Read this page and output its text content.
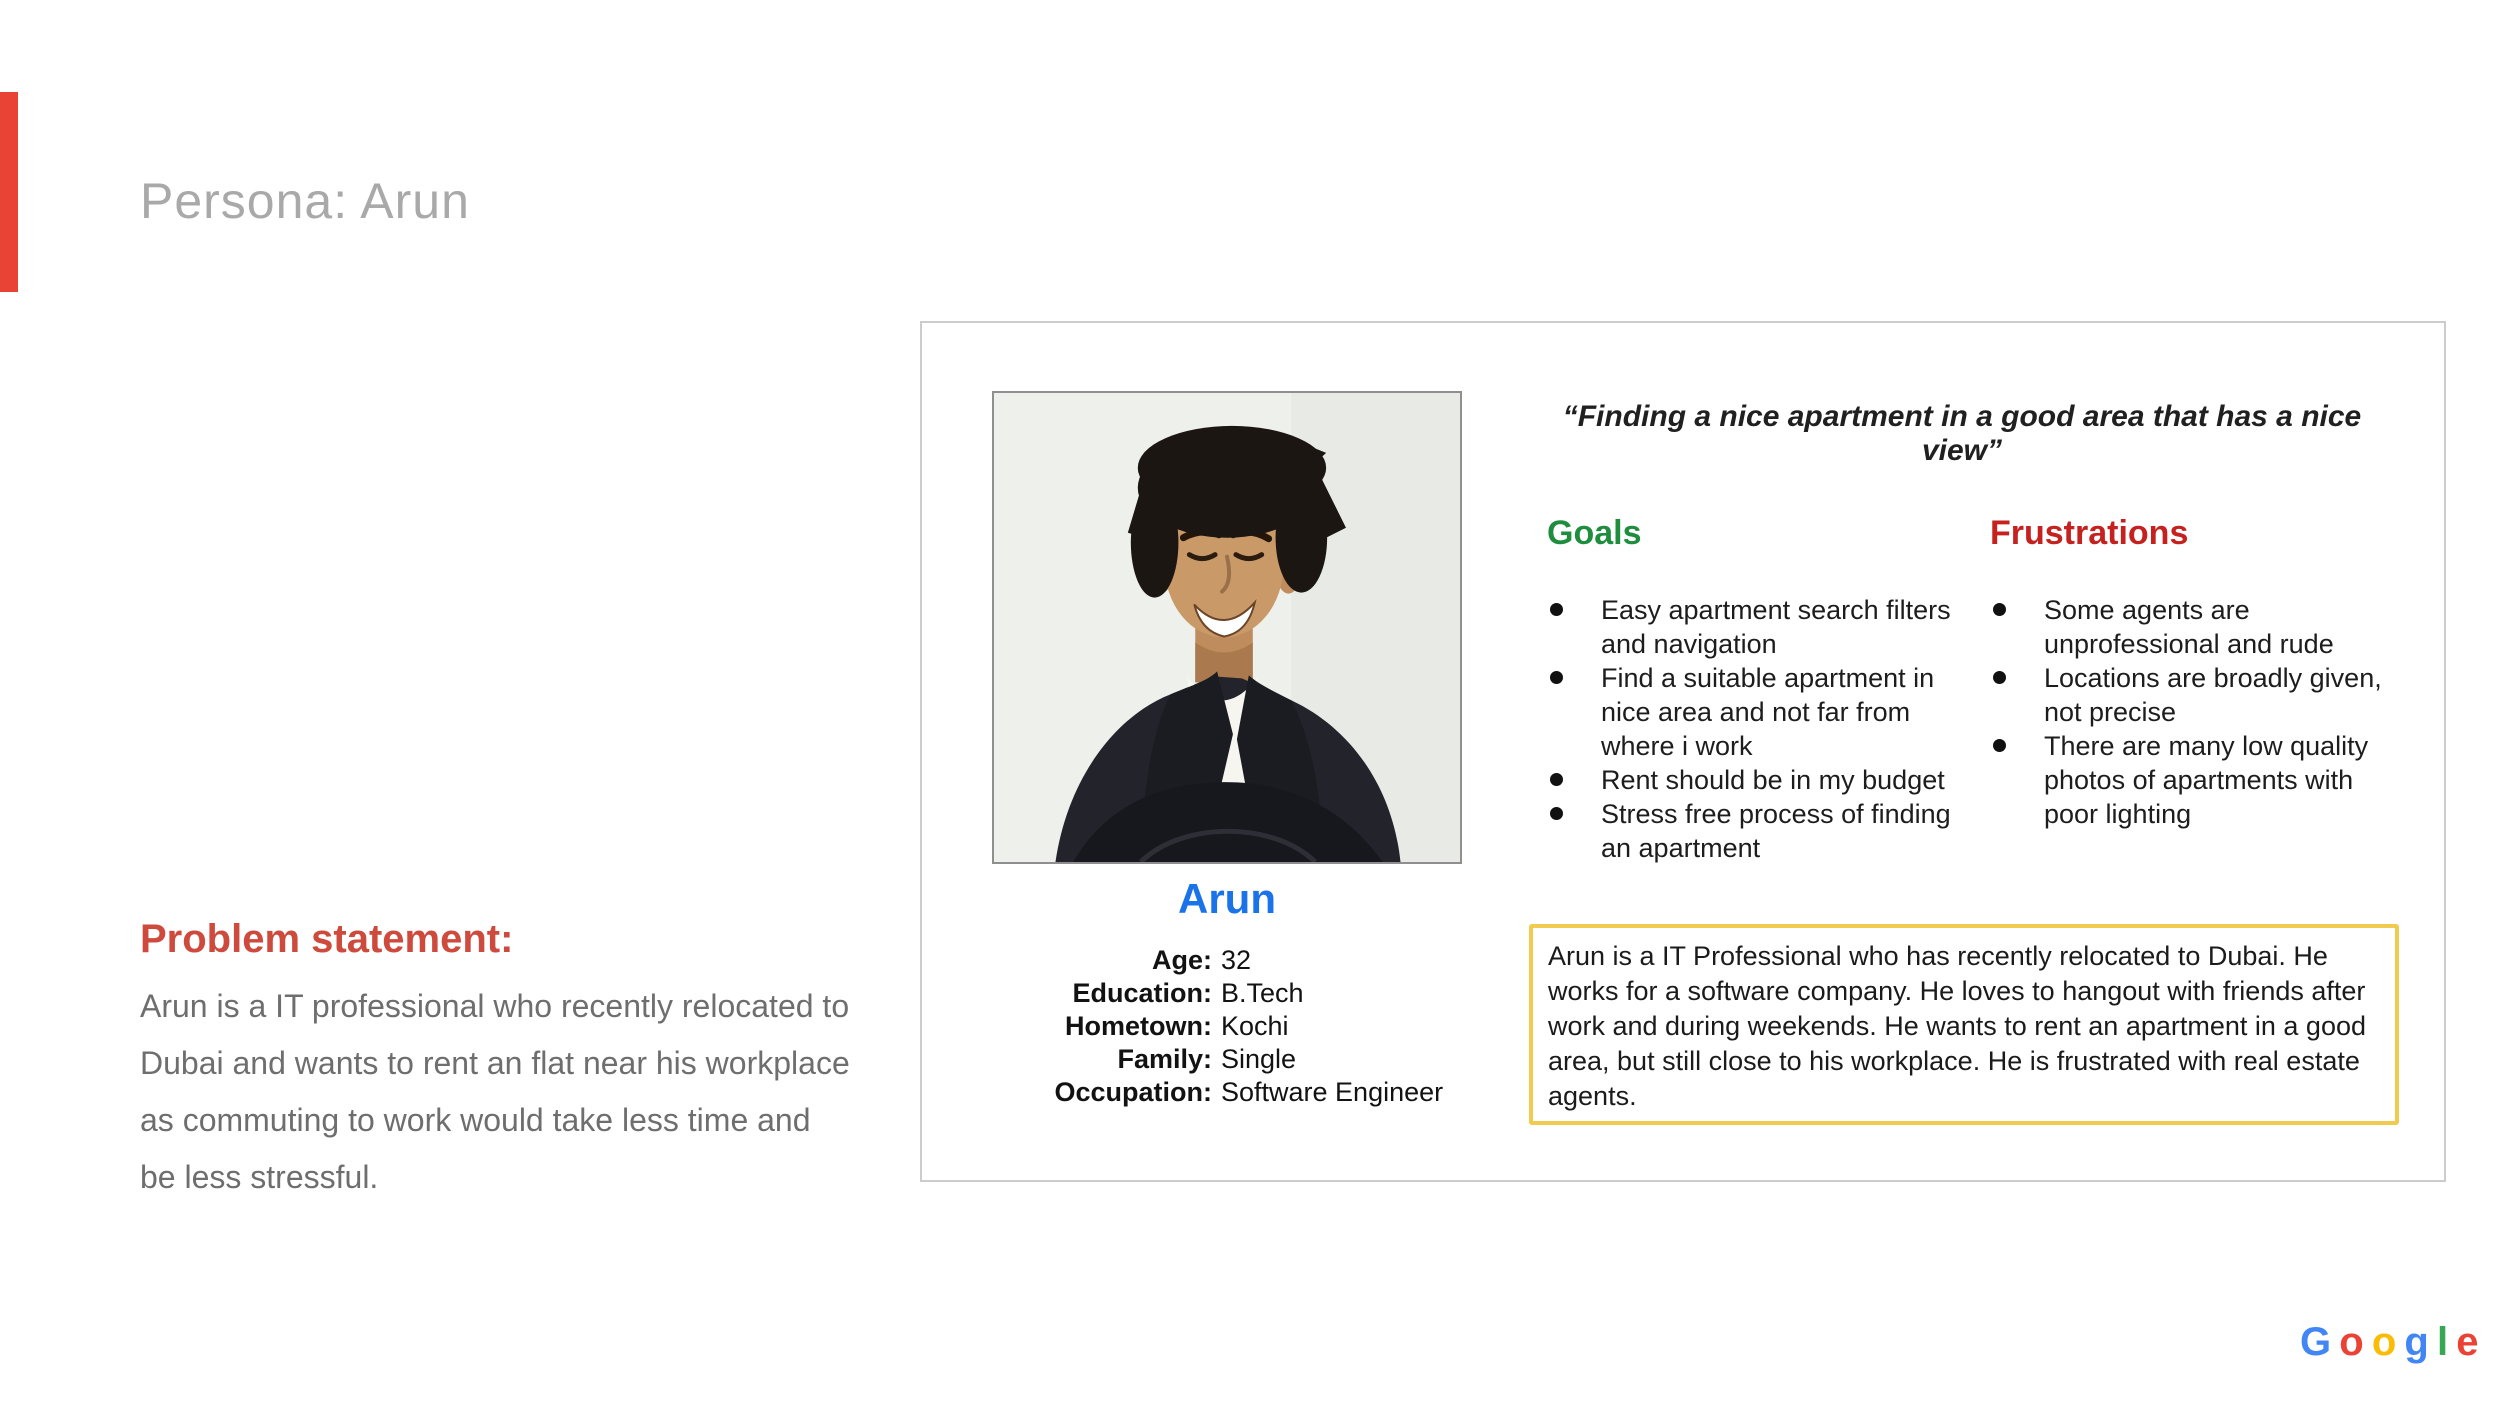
Persona: Arun
Problem statement:

Arun is a IT professional who recently relocated to Dubai and wants to rent an flat near his workplace as commuting to work would take less time and be less stressful.

“Finding a nice apartment in a good area that has a nice view”
Goals
Easy apartment search filters and navigation
Find a suitable apartment in nice area and not far from where i work
Rent should be in my budget
Stress free process of finding an apartment
Frustrations
Some agents are unprofessional and rude
Locations are broadly given, not precise
There are many low quality photos of apartments with poor lighting
Arun
Age: 32
Education: B.Tech
Hometown: Kochi
Family: Single
Occupation: Software Engineer
Arun is a IT Professional who has recently relocated to Dubai. He works for a software company. He loves to hangout with friends after work and during weekends. He wants to rent an apartment in a good area, but still close to his workplace. He is frustrated with real estate agents.
G o o g l e
